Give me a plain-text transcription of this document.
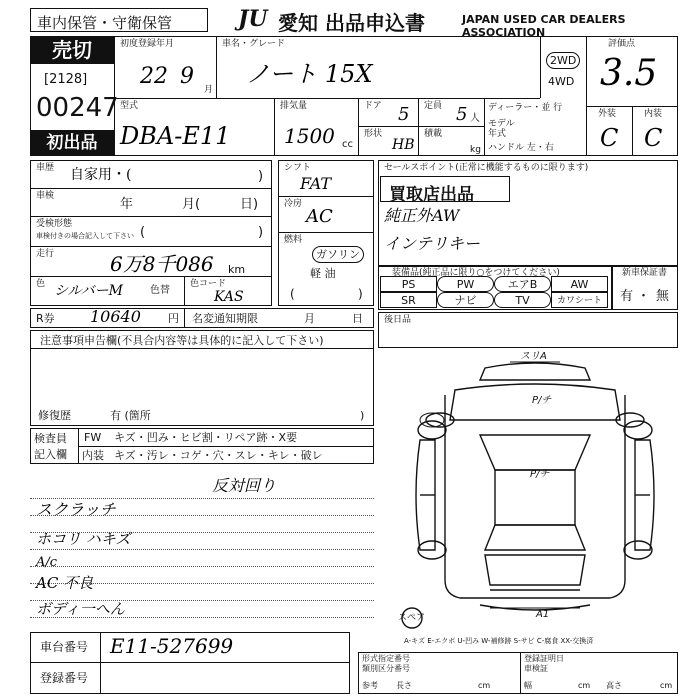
車内保管・守衛保管	JU 愛知 出品申込書	JAPAN USED CAR DEALERS ASSOCIATION
売切
[2128]
00247
初出品
初度登録年月
22 9
月
車名・グレード
ノート 15X	2WD
4WD
評価点
3.5
外装	内装
C C
型式
DBA-E11
排気量
1500 cc
ドア 5
形状
HB
定員 5 人
積載
kg
ディーラー・並 行
モデル
年式
ハンドル 左・右
車歴 自家用・(	)
車検
年	月(	日)
受検形態
車検付きの場合記入して下さい (	)
走行	6万8千086 km
色 シルバーM	色替
色コード
KAS
シフト
FAT
冷房
AC
燃料
ガソリン
軽 油
(	)
セールスポイント(正常に機能するものに限ります)
買取店出品
純正外AW
インテリキー
装備品(純正品に限り○をつけてください)
PS	PW	エアB	AW
SR	ナビ	TV	カワシート
新車保証書
有 ・ 無
R券 10640 円 名変通知期限	月	日 後日品
注意事項申告欄(不具合内容等は具体的に記入して下さい)
修復歴	有 (箇所	)
検査員
記入欄
FW キズ・凹み・ヒビ割・リペア跡・X要
内装 キズ・汚レ・コゲ・穴・スレ・キレ・破レ
反対回り
スクラッチ
ホコリ ハキズ
A/c
AC 不良
ボディ一へん
車台番号 E11-527699
登録番号
形式指定番号
類別区分番号
参考
登録証明日
車検証
長さ	cm	幅	cm 高さ	cm
スリA
P/チ
P/チ
A1
スペア
A-キズ E-エクボ U-凹み W-補修跡 S-サビ C-腐食 XX-交換済
